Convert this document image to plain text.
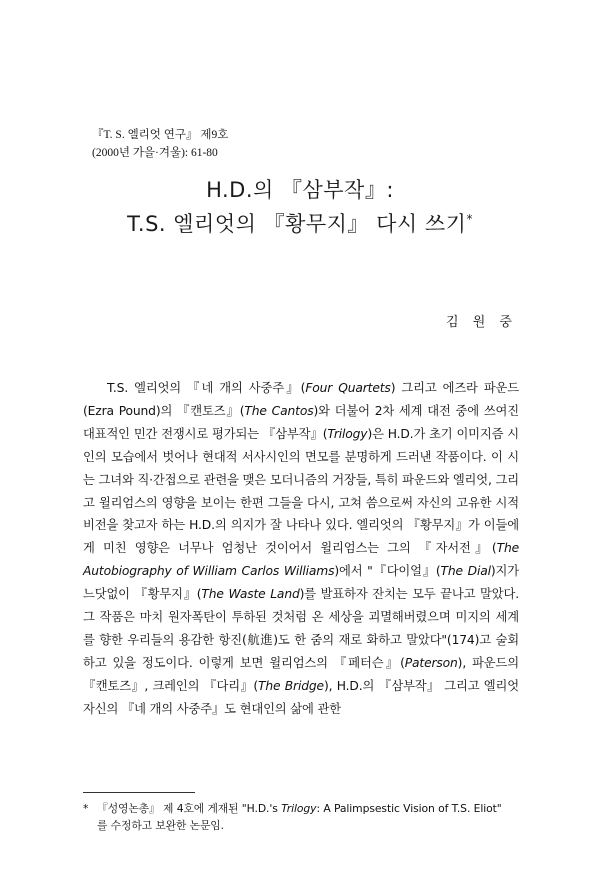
『T. S. 엘리엇 연구』 제9호
(2000년 가을·겨울): 61-80
H.D.의 『삼부작』:
T.S. 엘리엇의 『황무지』 다시 쓰기*
김 원 중

T.S. 엘리엇의 『네 개의 사중주』(Four Quartets) 그리고 에즈라 파운드 (Ezra Pound)의 『캔토즈』(The Cantos)와 더불어 2차 세계 대전 중에 쓰여진 대표적인 민간 전쟁시로 평가되는 『삼부작』(Trilogy)은 H.D.가 초기 이미지즘 시인의 모습에서 벗어나 현대적 서사시인의 면모를 분명하게 드러낸 작품이다. 이 시는 그녀와 직·간접으로 관련을 맺은 모더니즘의 거장들, 특히 파운드와 엘리엇, 그리고 윌리엄스의 영향을 보이는 한편 그들을 다시, 고쳐 씀으로써 자신의 고유한 시적 비전을 찾고자 하는 H.D.의 의지가 잘 나타나 있다. 엘리엇의 『황무지』가 이들에게 미친 영향은 너무나 엄청난 것이어서 윌리엄스는 그의 『자서전』(The Autobiography of William Carlos Williams)에서 "『다이얼』(The Dial)지가 느닷없이 『황무지』(The Waste Land)를 발표하자 잔치는 모두 끝나고 말았다. 그 작품은 마치 원자폭탄이 투하된 것처럼 온 세상을 괴멸해버렸으며 미지의 세계를 향한 우리들의 용감한 항진(航進)도 한 줌의 재로 화하고 말았다"(174)고 술회하고 있을 정도이다. 이렇게 보면 윌리엄스의 『페터슨』(Paterson), 파운드의 『캔토즈』, 크레인의 『다리』(The Bridge), H.D.의 『삼부작』 그리고 엘리엇 자신의 『네 개의 사중주』도 현대인의 삶에 관한

* 『성영논총』 제 4호에 게재된 "H.D.'s Trilogy: A Palimpsestic Vision of T.S. Eliot"
를 수정하고 보완한 논문임.
